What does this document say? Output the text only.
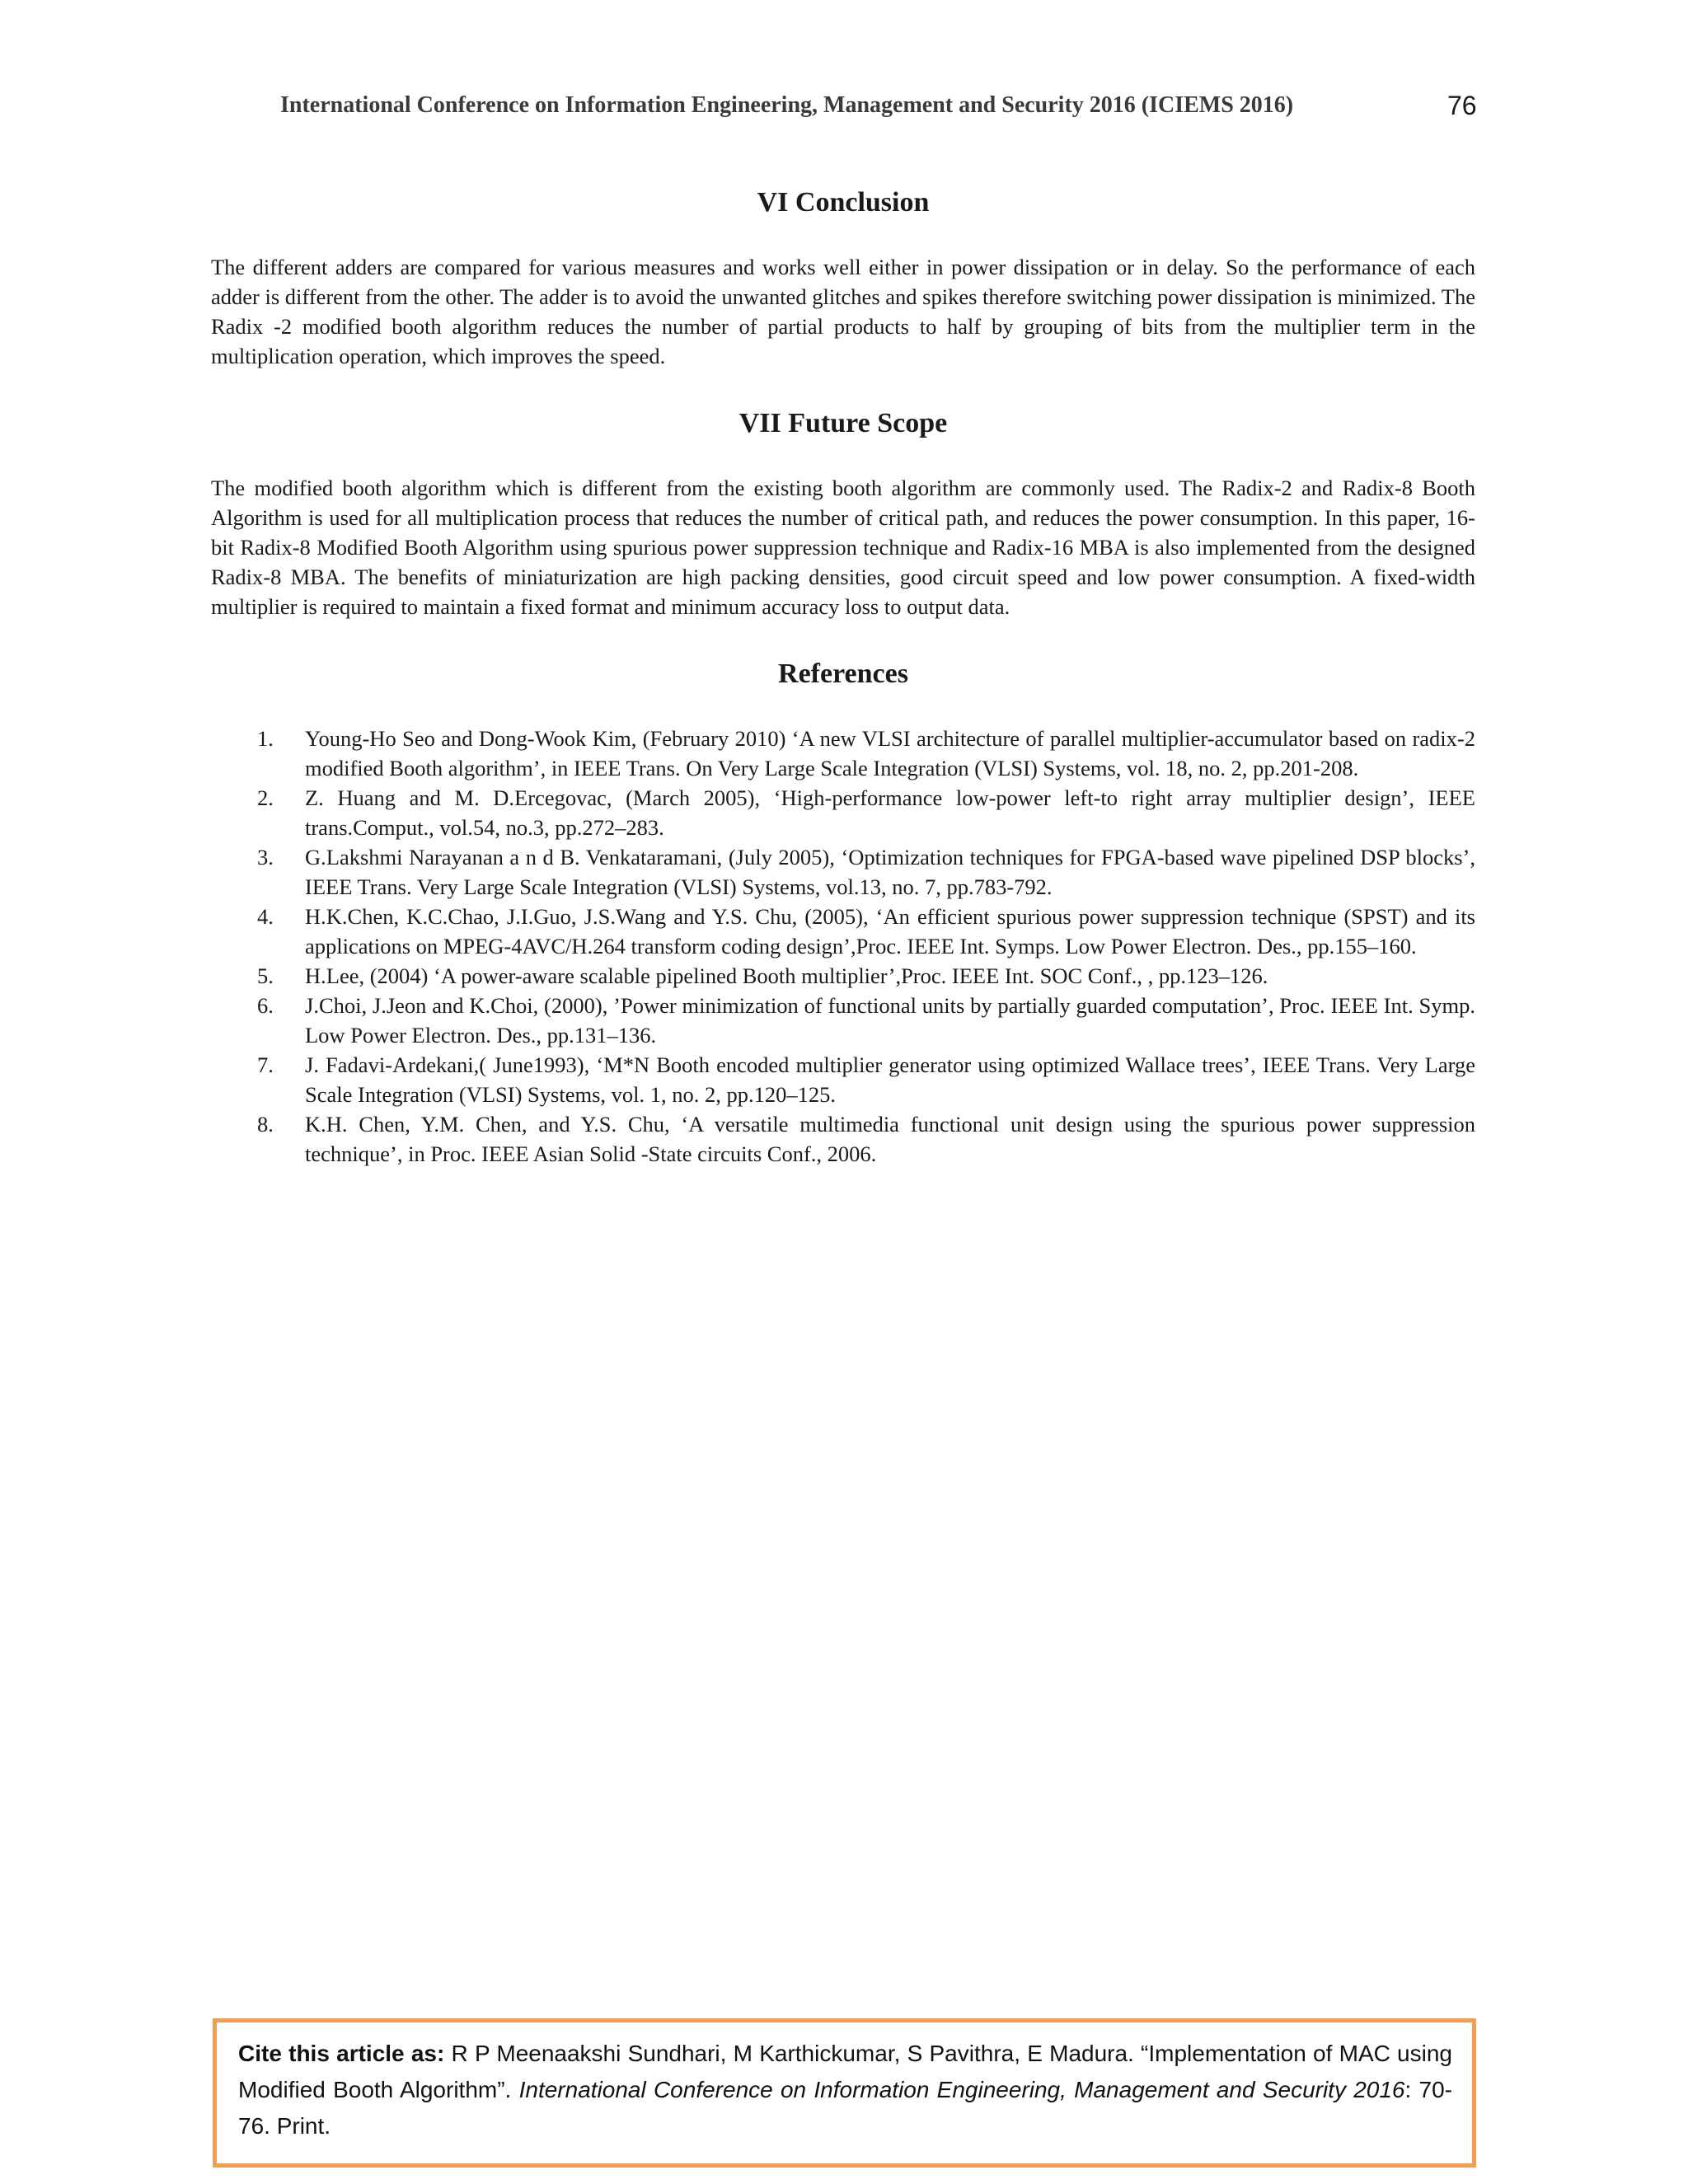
International Conference on Information Engineering, Management and Security 2016 (ICIEMS 2016)	76
VI Conclusion

The different adders are compared for various measures and works well either in power dissipation or in delay. So the performance of each adder is different from the other. The adder is to avoid the unwanted glitches and spikes therefore switching power dissipation is minimized. The Radix -2 modified booth algorithm reduces the number of partial products to half by grouping of bits from the multiplier term in the multiplication operation, which improves the speed.

VII Future Scope

The modified booth algorithm which is different from the existing booth algorithm are commonly used. The Radix-2 and Radix-8 Booth Algorithm is used for all multiplication process that reduces the number of critical path, and reduces the power consumption. In this paper, 16- bit Radix-8 Modified Booth Algorithm using spurious power suppression technique and Radix-16 MBA is also implemented from the designed Radix-8 MBA. The benefits of miniaturization are high packing densities, good circuit speed and low power consumption. A fixed-width multiplier is required to maintain a fixed format and minimum accuracy loss to output data.

References
1. Young-Ho Seo and Dong-Wook Kim, (February 2010) ‘A new VLSI architecture of parallel multiplier-accumulator based on radix-2 modified Booth algorithm’, in IEEE Trans. On Very Large Scale Integration (VLSI) Systems, vol. 18, no. 2, pp.201-208.
2. Z. Huang and M. D.Ercegovac, (March 2005), ‘High-performance low-power left-to right array multiplier design’, IEEE trans.Comput., vol.54, no.3, pp.272–283.
3. G.Lakshmi Narayanan a n d B. Venkataramani, (July 2005), ‘Optimization techniques for FPGA-based wave pipelined DSP blocks’, IEEE Trans. Very Large Scale Integration (VLSI) Systems, vol.13, no. 7, pp.783-792.
4. H.K.Chen, K.C.Chao, J.I.Guo, J.S.Wang and Y.S. Chu, (2005), ‘An efficient spurious power suppression technique (SPST) and its applications on MPEG-4AVC/H.264 transform coding design’,Proc. IEEE Int. Symps. Low Power Electron. Des., pp.155–160.
5. H.Lee, (2004) ‘A power-aware scalable pipelined Booth multiplier’,Proc. IEEE Int. SOC Conf., , pp.123–126.
6. J.Choi, J.Jeon and K.Choi, (2000), ’Power minimization of functional units by partially guarded computation’, Proc. IEEE Int. Symp. Low Power Electron. Des., pp.131–136.
7. J. Fadavi-Ardekani,( June1993), ‘M*N Booth encoded multiplier generator using optimized Wallace trees’, IEEE Trans. Very Large Scale Integration (VLSI) Systems, vol. 1, no. 2, pp.120–125.
8. K.H. Chen, Y.M. Chen, and Y.S. Chu, ‘A versatile multimedia functional unit design using the spurious power suppression technique’, in Proc. IEEE Asian Solid -State circuits Conf., 2006.
Cite this article as: R P Meenaakshi Sundhari, M Karthickumar, S Pavithra, E Madura. “Implementation of MAC using Modified Booth Algorithm”. International Conference on Information Engineering, Management and Security 2016: 70-76. Print.
